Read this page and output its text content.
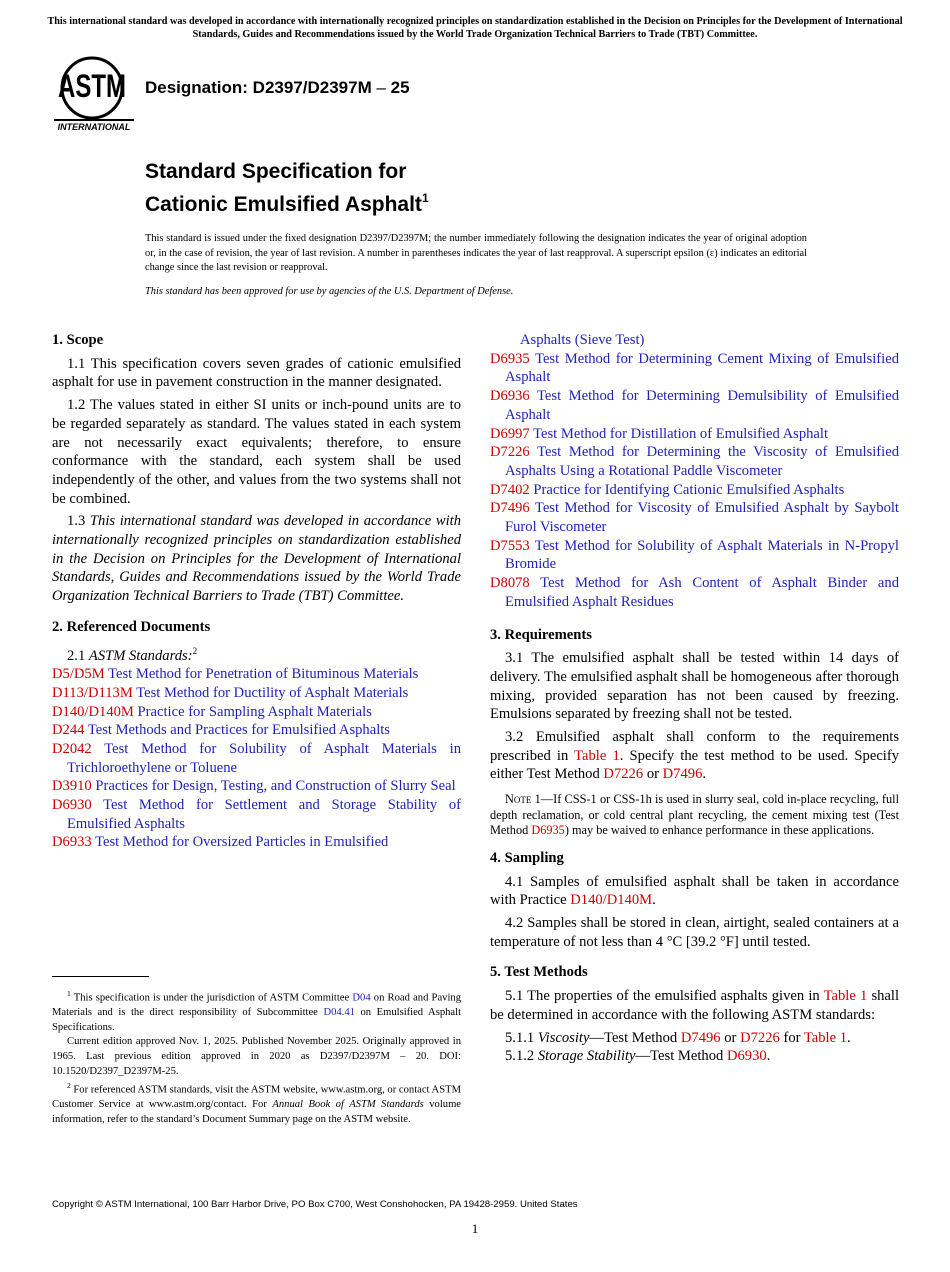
This international standard was developed in accordance with internationally recognized principles on standardization established in the Decision on Principles for the Development of International Standards, Guides and Recommendations issued by the World Trade Organization Technical Barriers to Trade (TBT) Committee.
ASTM
INTERNATIONAL
Designation: D2397/D2397M – 25
Standard Specification for
Cationic Emulsified Asphalt$^1$
This standard is issued under the fixed designation D2397/D2397M; the number immediately following the designation indicates the year of original adoption or, in the case of revision, the year of last revision. A number in parentheses indicates the year of last reapproval. A superscript epsilon (ε) indicates an editorial change since the last revision or reapproval.
This standard has been approved for use by agencies of the U.S. Department of Defense.

1. Scope

1.1 This specification covers seven grades of cationic emulsified asphalt for use in pavement construction in the manner designated.

1.2 The values stated in either SI units or inch-pound units are to be regarded separately as standard. The values stated in each system are not necessarily exact equivalents; therefore, to ensure conformance with the standard, each system shall be used independently of the other, and values from the two systems shall not be combined.

1.3 This international standard was developed in accordance with internationally recognized principles on standardization established in the Decision on Principles for the Development of International Standards, Guides and Recommendations issued by the World Trade Organization Technical Barriers to Trade (TBT) Committee.

2. Referenced Documents

2.1 ASTM Standards:$^2$

D5/D5M Test Method for Penetration of Bituminous Materials

D113/D113M Test Method for Ductility of Asphalt Materials

D140/D140M Practice for Sampling Asphalt Materials

D244 Test Methods and Practices for Emulsified Asphalts

D2042 Test Method for Solubility of Asphalt Materials in Trichloroethylene or Toluene

D3910 Practices for Design, Testing, and Construction of Slurry Seal

D6930 Test Method for Settlement and Storage Stability of Emulsified Asphalts

D6933 Test Method for Oversized Particles in Emulsified

$^1$ This specification is under the jurisdiction of ASTM Committee D04 on Road and Paving Materials and is the direct responsibility of Subcommittee D04.41 on Emulsified Asphalt Specifications.

Current edition approved Nov. 1, 2025. Published November 2025. Originally approved in 1965. Last previous edition approved in 2020 as D2397/D2397M – 20. DOI: 10.1520/D2397_D2397M-25.

$^2$ For referenced ASTM standards, visit the ASTM website, www.astm.org, or contact ASTM Customer Service at www.astm.org/contact. For Annual Book of ASTM Standards volume information, refer to the standard’s Document Summary page on the ASTM website.

Asphalts (Sieve Test)

D6935 Test Method for Determining Cement Mixing of Emulsified Asphalt

D6936 Test Method for Determining Demulsibility of Emulsified Asphalt

D6997 Test Method for Distillation of Emulsified Asphalt

D7226 Test Method for Determining the Viscosity of Emulsified Asphalts Using a Rotational Paddle Viscometer

D7402 Practice for Identifying Cationic Emulsified Asphalts

D7496 Test Method for Viscosity of Emulsified Asphalt by Saybolt Furol Viscometer

D7553 Test Method for Solubility of Asphalt Materials in N-Propyl Bromide

D8078 Test Method for Ash Content of Asphalt Binder and Emulsified Asphalt Residues

3. Requirements

3.1 The emulsified asphalt shall be tested within 14 days of delivery. The emulsified asphalt shall be homogeneous after thorough mixing, provided separation has not been caused by freezing. Emulsions separated by freezing shall not be tested.

3.2 Emulsified asphalt shall conform to the requirements prescribed in Table 1. Specify the test method to be used. Specify either Test Method D7226 or D7496.

Note 1—If CSS-1 or CSS-1h is used in slurry seal, cold in-place recycling, full depth reclamation, or cold central plant recycling, the cement mixing test (Test Method D6935) may be waived to enhance performance in these applications.

4. Sampling

4.1 Samples of emulsified asphalt shall be taken in accordance with Practice D140/D140M.

4.2 Samples shall be stored in clean, airtight, sealed containers at a temperature of not less than 4 °C [39.2 °F] until tested.

5. Test Methods

5.1 The properties of the emulsified asphalts given in Table 1 shall be determined in accordance with the following ASTM standards:

5.1.1 Viscosity—Test Method D7496 or D7226 for Table 1.

5.1.2 Storage Stability—Test Method D6930.

Copyright © ASTM International, 100 Barr Harbor Drive, PO Box C700, West Conshohocken, PA 19428-2959. United States
1
